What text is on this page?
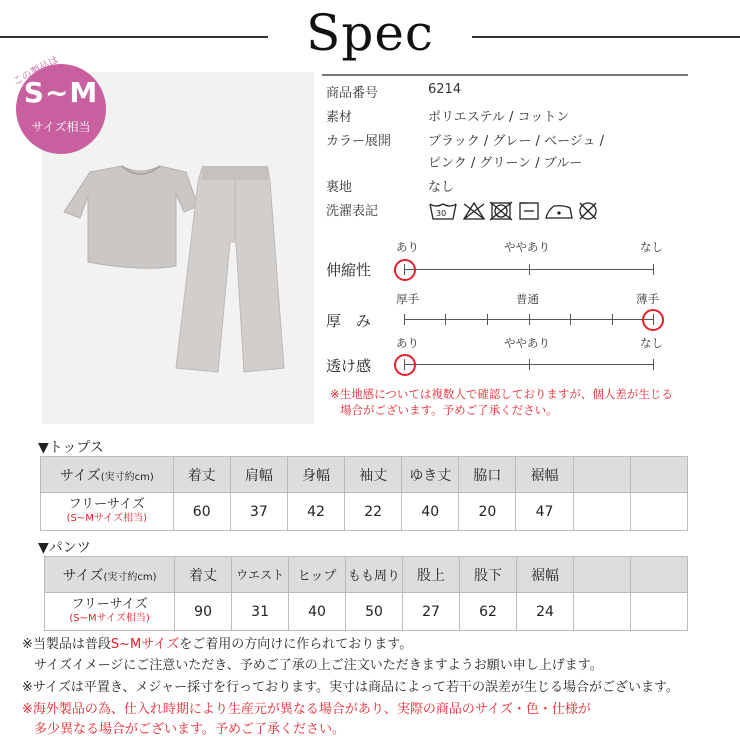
Spec
この製品は
S~M
サイズ相当
商品番号	6214
素材	ポリエステル / コットン
カラー展開	ブラック / グレー / ベージュ /
ピンク / グリーン / ブルー
裏地	なし
洗濯表記	30
あり	ややあり	なし
伸縮性
厚手	普通	薄手
厚　み
あり	ややあり	なし
透け感
※生地感については複数人で確認しておりますが、個人差が生じる
場合がございます。予めご了承ください。
▼トップス
サイズ(実寸約cm)	着丈	肩幅	身幅	袖丈	ゆき丈	脇口	裾幅		
フリーサイズ
(S~Mサイズ相当)	60	37	42	22	40	20	47		
▼パンツ
サイズ(実寸約cm)	着丈	ウエスト	ヒップ	もも周り	股上	股下	裾幅		
フリーサイズ
(S~Mサイズ相当)	90	31	40	50	27	62	24		
※当製品は普段S~Mサイズをご着用の方向けに作られております。
サイズイメージにご注意いただき、予めご了承の上ご注文いただきますようお願い申し上げます。
※サイズは平置き、メジャー採寸を行っております。実寸は商品によって若干の誤差が生じる場合がございます。
※海外製品の為、仕入れ時期により生産元が異なる場合があり、実際の商品のサイズ・色・仕様が
多少異なる場合がございます。予めご了承ください。
